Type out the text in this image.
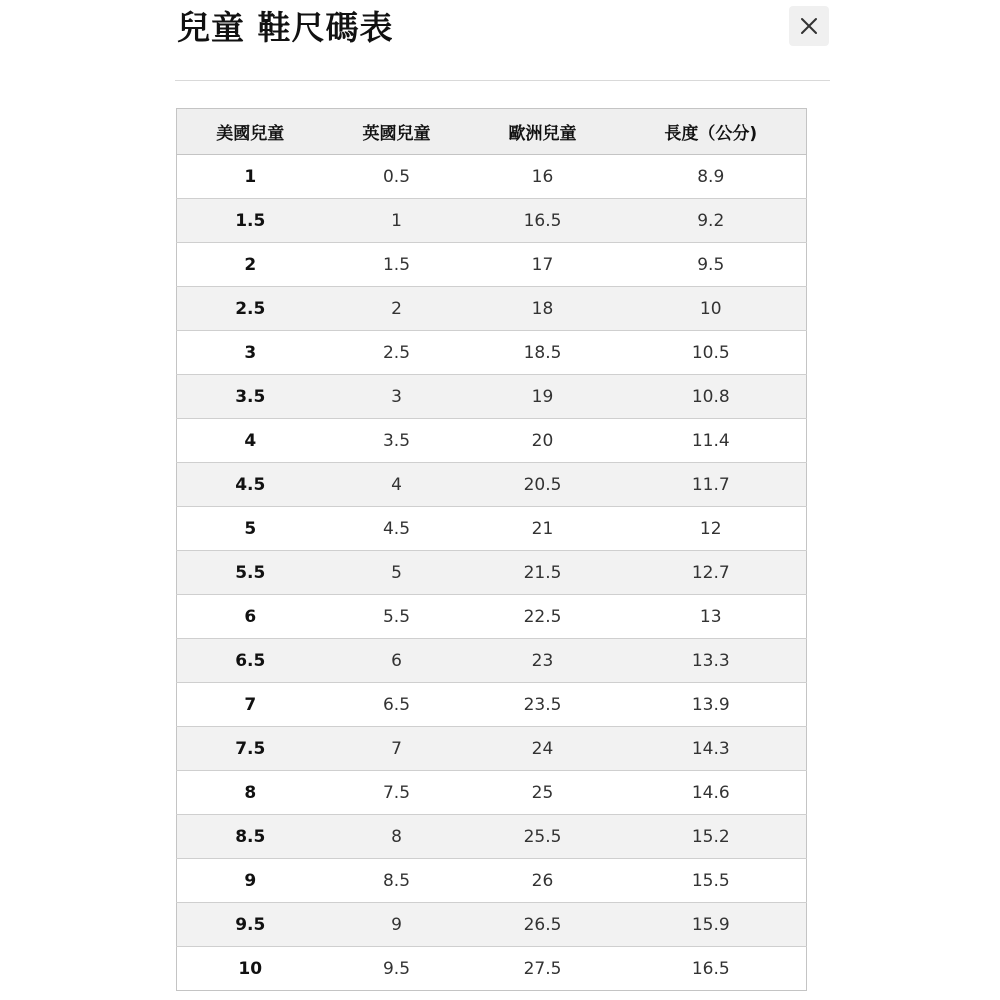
兒童 鞋尺碼表
美國兒童	英國兒童	歐洲兒童	長度（公分)
1	0.5	16	8.9
1.5	1	16.5	9.2
2	1.5	17	9.5
2.5	2	18	10
3	2.5	18.5	10.5
3.5	3	19	10.8
4	3.5	20	11.4
4.5	4	20.5	11.7
5	4.5	21	12
5.5	5	21.5	12.7
6	5.5	22.5	13
6.5	6	23	13.3
7	6.5	23.5	13.9
7.5	7	24	14.3
8	7.5	25	14.6
8.5	8	25.5	15.2
9	8.5	26	15.5
9.5	9	26.5	15.9
10	9.5	27.5	16.5
